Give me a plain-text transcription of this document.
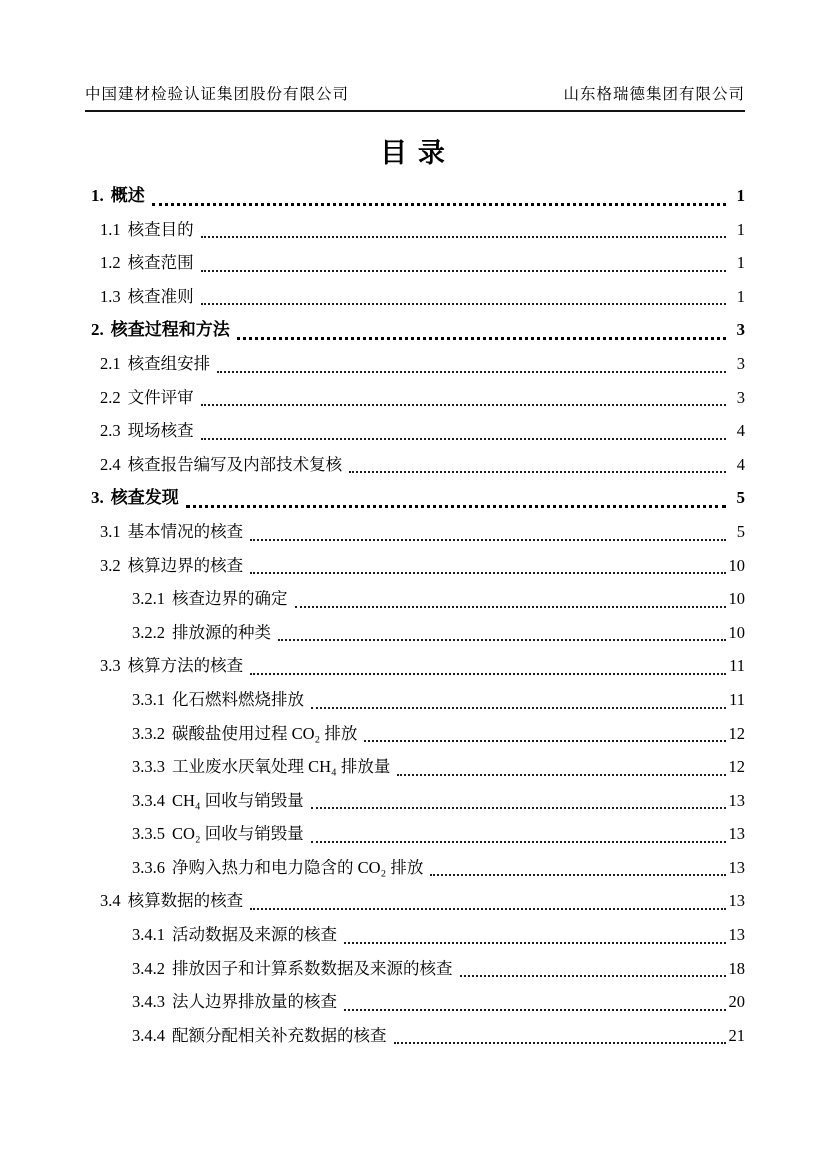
中国建材检验认证集团股份有限公司	山东格瑞德集团有限公司
目 录
1. 概述	1
1.1 核查目的	1
1.2 核查范围	1
1.3 核查准则	1
2. 核查过程和方法	3
2.1 核查组安排	3
2.2 文件评审	3
2.3 现场核查	4
2.4 核查报告编写及内部技术复核	4
3. 核查发现	5
3.1 基本情况的核查	5
3.2 核算边界的核查	10
3.2.1 核查边界的确定	10
3.2.2 排放源的种类	10
3.3 核算方法的核查	11
3.3.1 化石燃料燃烧排放	11
3.3.2 碳酸盐使用过程 CO₂ 排放	12
3.3.3 工业废水厌氧处理 CH₄ 排放量	12
3.3.4 CH₄ 回收与销毁量	13
3.3.5 CO₂ 回收与销毁量	13
3.3.6 净购入热力和电力隐含的 CO₂ 排放	13
3.4 核算数据的核查	13
3.4.1 活动数据及来源的核查	13
3.4.2 排放因子和计算系数数据及来源的核查	18
3.4.3 法人边界排放量的核查	20
3.4.4 配额分配相关补充数据的核查	21
